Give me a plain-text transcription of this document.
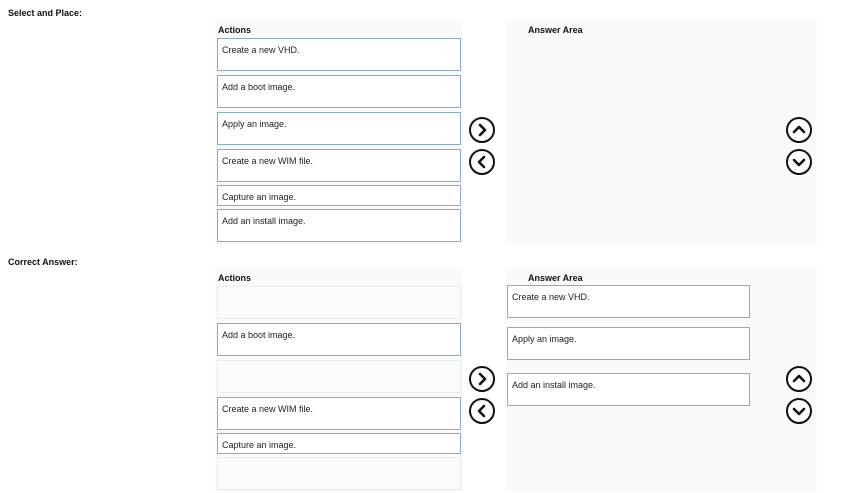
Select and Place:
Actions	Answer Area
Create a new VHD.
Add a boot image.
Apply an image.
Create a new WIM file.
Capture an image.
Add an install image.
Correct Answer:
Actions	Answer Area
Add a boot image.
Create a new WIM file.
Capture an image.
Create a new VHD.
Apply an image.
Add an install image.
